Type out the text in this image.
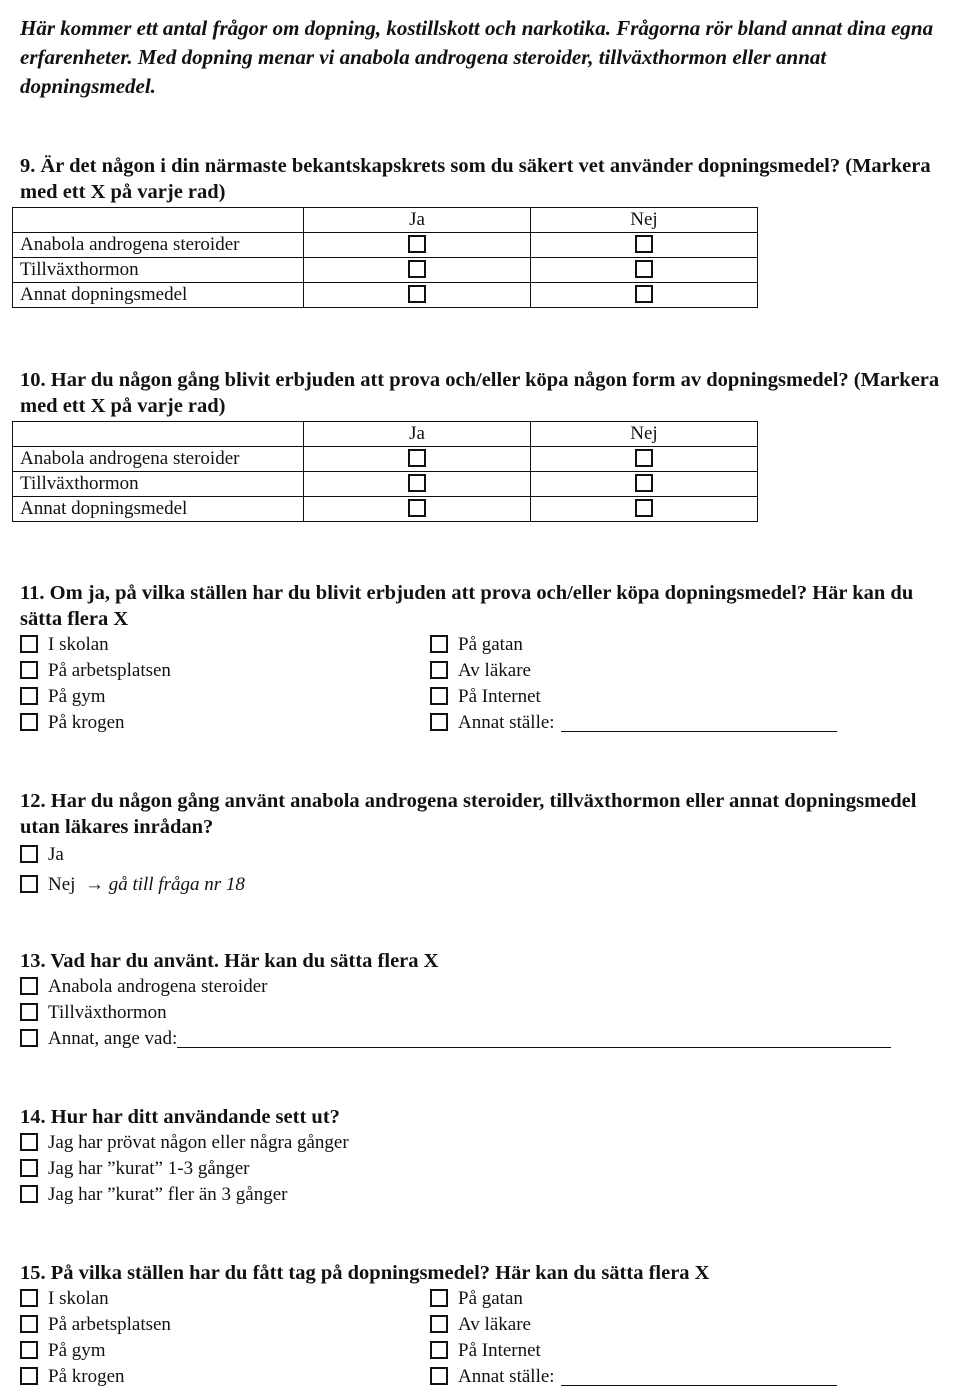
Här kommer ett antal frågor om dopning, kostillskott och narkotika. Frågorna rör bland annat dina egna erfarenheter. Med dopning menar vi anabola androgena steroider, tillväxthormon eller annat dopningsmedel.

9. Är det någon i din närmaste bekantskapskrets som du säkert vet använder dopningsmedel? (Markera med ett X på varje rad)

	Ja	Nej
Anabola androgena steroider		
Tillväxthormon		
Annat dopningsmedel		

10. Har du någon gång blivit erbjuden att prova och/eller köpa någon form av dopningsmedel? (Markera med ett X på varje rad)

	Ja	Nej
Anabola androgena steroider		
Tillväxthormon		
Annat dopningsmedel		

11. Om ja, på vilka ställen har du blivit erbjuden att prova och/eller köpa dopningsmedel? Här kan du sätta flera X

I skolan
På arbetsplatsen
På gym
På krogen
På gatan
Av läkare
På Internet
Annat ställe:

12. Har du någon gång använt anabola androgena steroider, tillväxthormon eller annat dopningsmedel utan läkares inrådan?

Ja
Nej → gå till fråga nr 18

13. Vad har du använt. Här kan du sätta flera X

Anabola androgena steroider
Tillväxthormon
Annat, ange vad:

14. Hur har ditt användande sett ut?

Jag har prövat någon eller några gånger
Jag har ”kurat” 1-3 gånger
Jag har ”kurat” fler än 3 gånger

15. På vilka ställen har du fått tag på dopningsmedel? Här kan du sätta flera X

I skolan
På arbetsplatsen
På gym
På krogen
På gatan
Av läkare
På Internet
Annat ställe:
